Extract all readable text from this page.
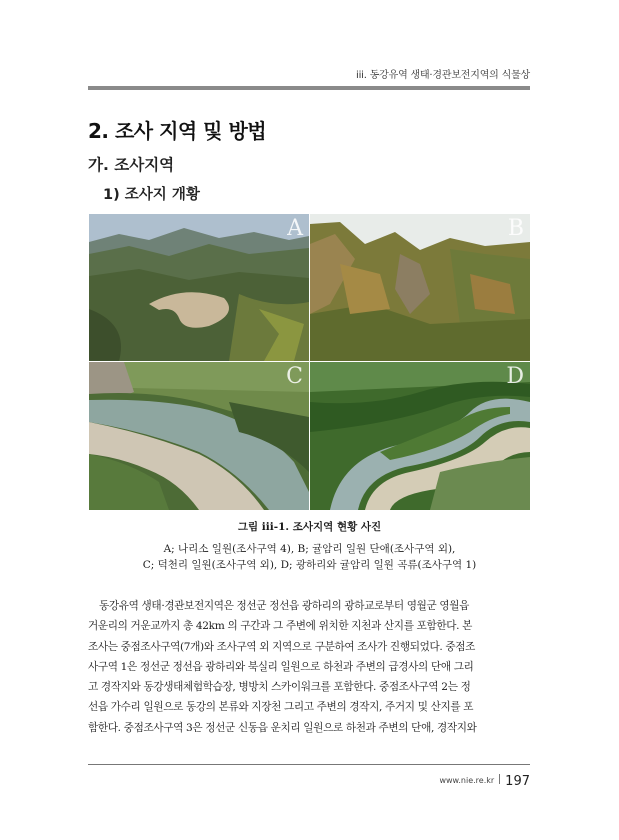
iii. 동강유역 생태·경관보전지역의 식물상
2. 조사 지역 및 방법
가. 조사지역
1) 조사지 개황
A	B
C	D
그림 iii-1. 조사지역 현황 사진
A; 나리소 일원(조사구역 4), B; 귤암리 일원 단애(조사구역 외),
C; 덕천리 일원(조사구역 외), D; 광하리와 귤암리 일원 곡류(조사구역 1)
동강유역 생태·경관보전지역은 정선군 정선읍 광하리의 광하교로부터 영월군 영월읍
거운리의 거운교까지 총 42km 의 구간과 그 주변에 위치한 지천과 산지를 포함한다. 본
조사는 중점조사구역(7개)와 조사구역 외 지역으로 구분하여 조사가 진행되었다. 중점조
사구역 1은 정선군 정선읍 광하리와 북실리 일원으로 하천과 주변의 급경사의 단애 그리
고 경작지와 동강생태체험학습장, 병방치 스카이워크를 포함한다. 중점조사구역 2는 정
선읍 가수리 일원으로 동강의 본류와 지장천 그리고 주변의 경작지, 주거지 및 산지를 포
함한다. 중점조사구역 3은 정선군 신동읍 운치리 일원으로 하천과 주변의 단애, 경작지와
www.nie.re.kr 197
